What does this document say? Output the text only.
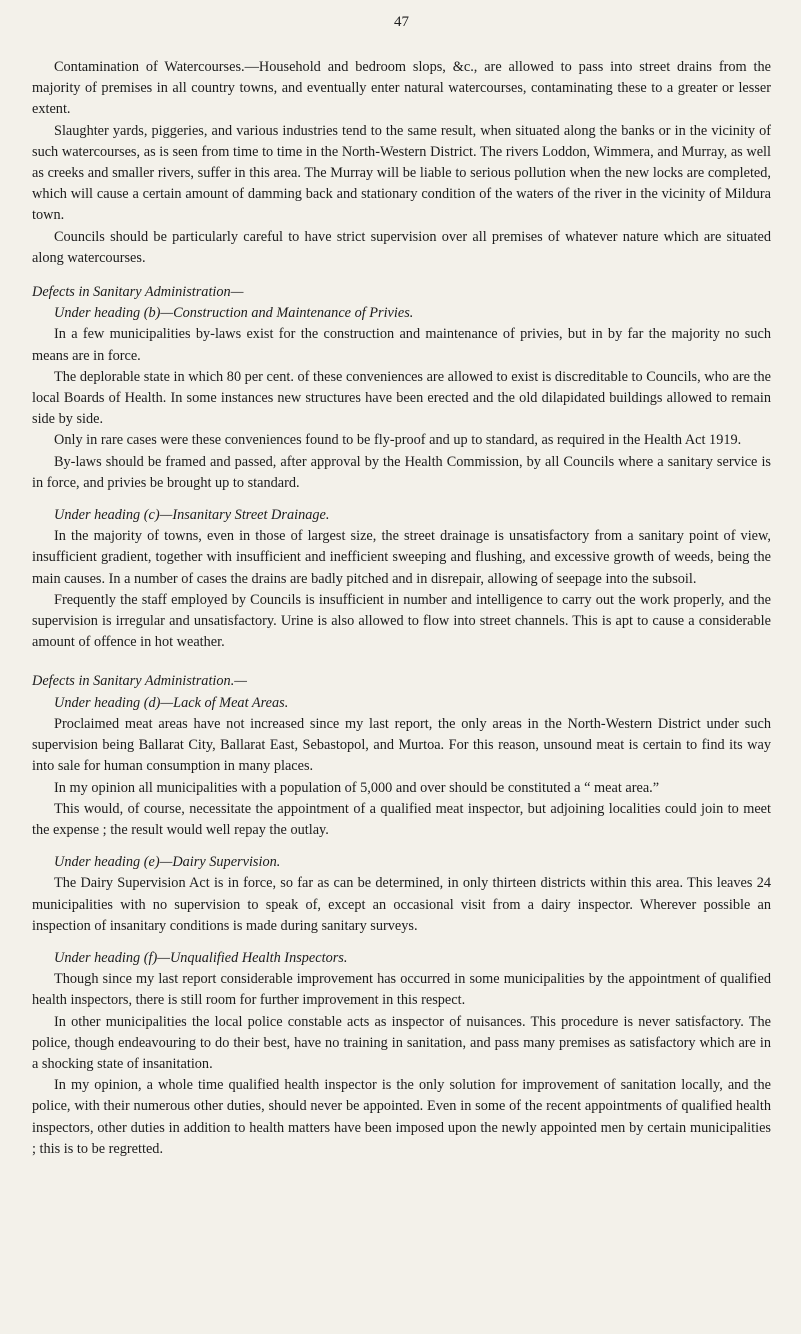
47

Contamination of Watercourses.—Household and bedroom slops, &c., are allowed to pass into street drains from the majority of premises in all country towns, and eventually enter natural watercourses, contaminating these to a greater or lesser extent.

Slaughter yards, piggeries, and various industries tend to the same result, when situated along the banks or in the vicinity of such watercourses, as is seen from time to time in the North-Western District. The rivers Loddon, Wimmera, and Murray, as well as creeks and smaller rivers, suffer in this area. The Murray will be liable to serious pollution when the new locks are completed, which will cause a certain amount of damming back and stationary condition of the waters of the river in the vicinity of Mildura town.

Councils should be particularly careful to have strict supervision over all premises of whatever nature which are situated along watercourses.

Defects in Sanitary Administration—
Under heading (b)—Construction and Maintenance of Privies.

In a few municipalities by-laws exist for the construction and maintenance of privies, but in by far the majority no such means are in force.

The deplorable state in which 80 per cent. of these conveniences are allowed to exist is discreditable to Councils, who are the local Boards of Health. In some instances new structures have been erected and the old dilapidated buildings allowed to remain side by side.

Only in rare cases were these conveniences found to be fly-proof and up to standard, as required in the Health Act 1919.

By-laws should be framed and passed, after approval by the Health Commission, by all Councils where a sanitary service is in force, and privies be brought up to standard.

Under heading (c)—Insanitary Street Drainage.

In the majority of towns, even in those of largest size, the street drainage is unsatisfactory from a sanitary point of view, insufficient gradient, together with insufficient and inefficient sweeping and flushing, and excessive growth of weeds, being the main causes. In a number of cases the drains are badly pitched and in disrepair, allowing of seepage into the subsoil.

Frequently the staff employed by Councils is insufficient in number and intelligence to carry out the work properly, and the supervision is irregular and unsatisfactory. Urine is also allowed to flow into street channels. This is apt to cause a considerable amount of offence in hot weather.

Defects in Sanitary Administration.—
Under heading (d)—Lack of Meat Areas.

Proclaimed meat areas have not increased since my last report, the only areas in the North-Western District under such supervision being Ballarat City, Ballarat East, Sebastopol, and Murtoa. For this reason, unsound meat is certain to find its way into sale for human consumption in many places.

In my opinion all municipalities with a population of 5,000 and over should be constituted a “ meat area.”

This would, of course, necessitate the appointment of a qualified meat inspector, but adjoining localities could join to meet the expense ; the result would well repay the outlay.

Under heading (e)—Dairy Supervision.

The Dairy Supervision Act is in force, so far as can be determined, in only thirteen districts within this area. This leaves 24 municipalities with no supervision to speak of, except an occasional visit from a dairy inspector. Wherever possible an inspection of insanitary conditions is made during sanitary surveys.

Under heading (f)—Unqualified Health Inspectors.

Though since my last report considerable improvement has occurred in some municipalities by the appointment of qualified health inspectors, there is still room for further improvement in this respect.

In other municipalities the local police constable acts as inspector of nuisances. This procedure is never satisfactory. The police, though endeavouring to do their best, have no training in sanitation, and pass many premises as satisfactory which are in a shocking state of insanitation.

In my opinion, a whole time qualified health inspector is the only solution for improvement of sanitation locally, and the police, with their numerous other duties, should never be appointed. Even in some of the recent appointments of qualified health inspectors, other duties in addition to health matters have been imposed upon the newly appointed men by certain municipalities ; this is to be regretted.
